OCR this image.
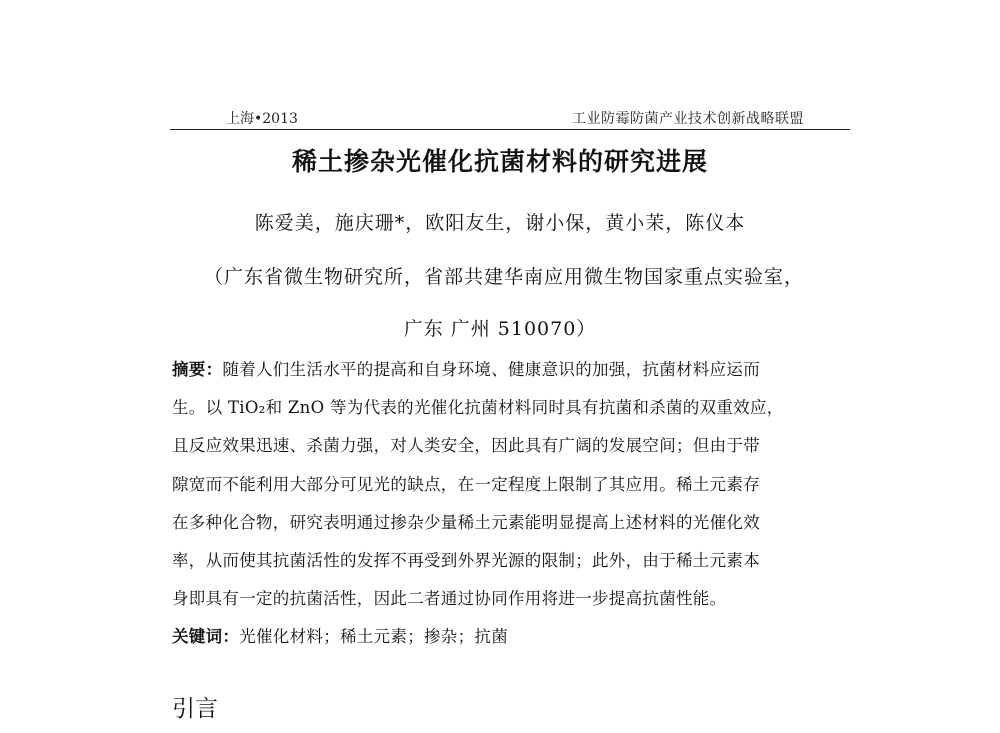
上海•2013	工业防霉防菌产业技术创新战略联盟
稀土掺杂光催化抗菌材料的研究进展
陈爱美，施庆珊*，欧阳友生，谢小保，黄小茉，陈仪本
（广东省微生物研究所，省部共建华南应用微生物国家重点实验室，
广东 广州 510070）
摘要：随着人们生活水平的提高和自身环境、健康意识的加强，抗菌材料应运而
生。以 TiO₂和 ZnO 等为代表的光催化抗菌材料同时具有抗菌和杀菌的双重效应，
且反应效果迅速、杀菌力强，对人类安全，因此具有广阔的发展空间；但由于带
隙宽而不能利用大部分可见光的缺点，在一定程度上限制了其应用。稀土元素存
在多种化合物，研究表明通过掺杂少量稀土元素能明显提高上述材料的光催化效
率，从而使其抗菌活性的发挥不再受到外界光源的限制；此外，由于稀土元素本
身即具有一定的抗菌活性，因此二者通过协同作用将进一步提高抗菌性能。
关键词：光催化材料；稀土元素；掺杂；抗菌
引言
